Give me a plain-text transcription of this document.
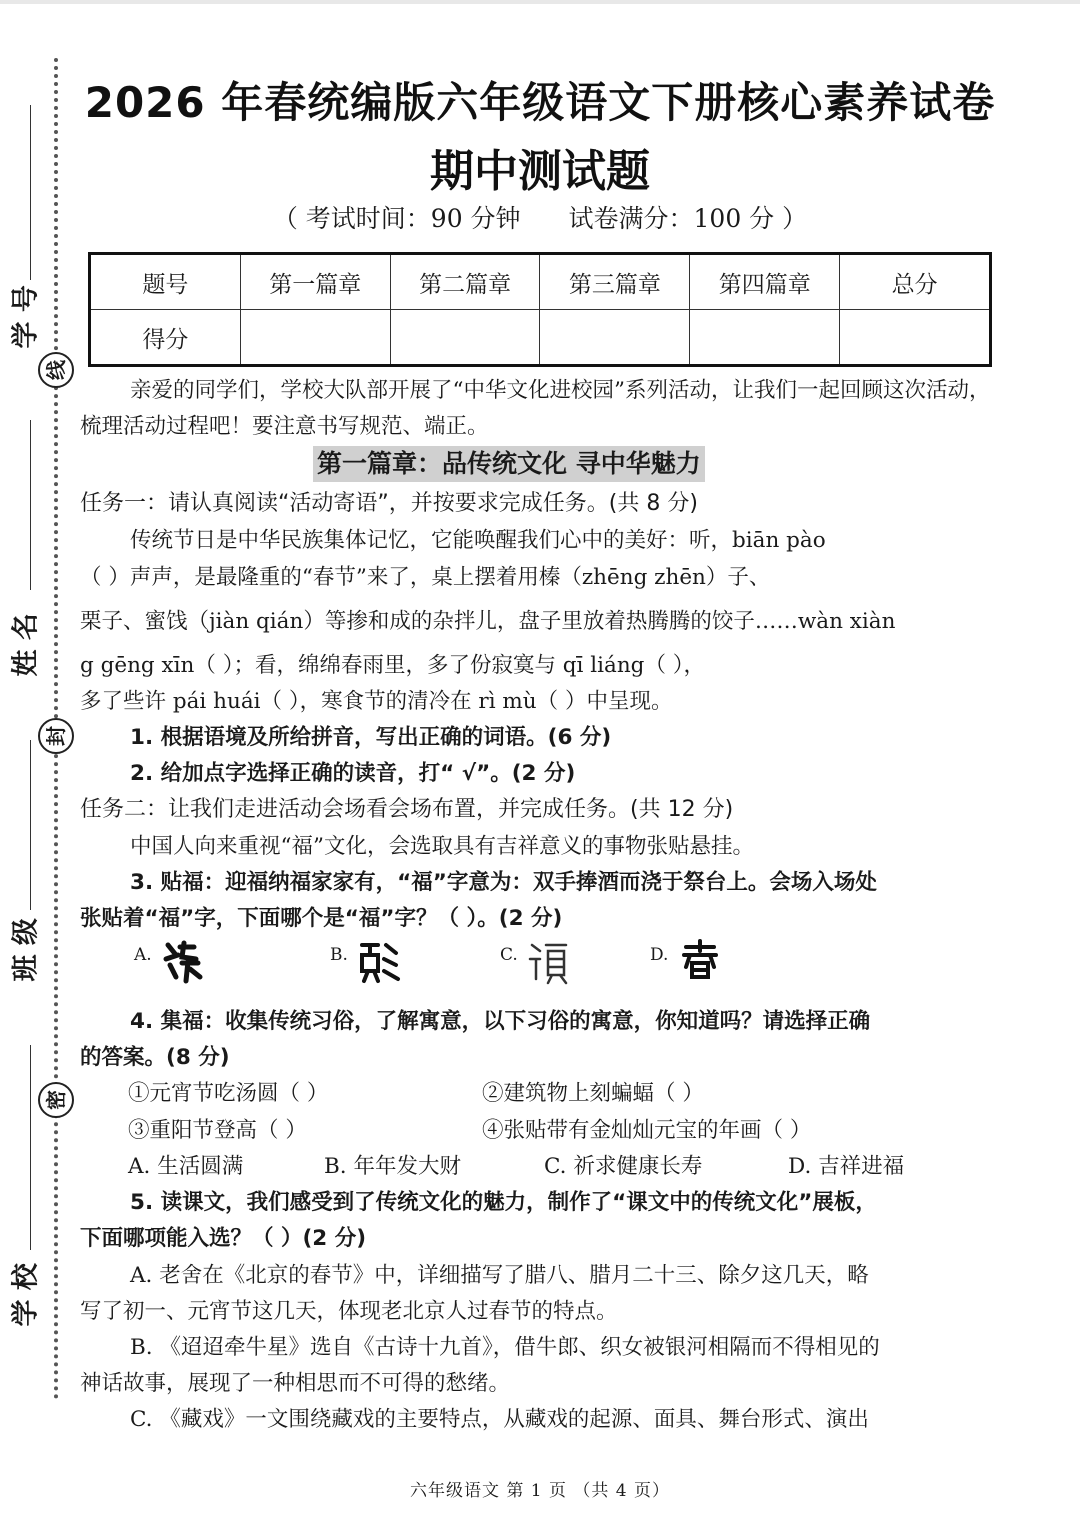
学 号
线
姓 名
封
班 级
密
学 校
2026 年春统编版六年级语文下册核心素养试卷
期中测试题
（ 考试时间：90 分钟 试卷满分：100 分 ）
题号	第一篇章	第二篇章	第三篇章	第四篇章	总分
得分					
亲爱的同学们，学校大队部开展了“中华文化进校园”系列活动，让我们一起回顾这次活动，梳理活动过程吧！要注意书写规范、端正。
第一篇章：品传统文化 寻中华魅力
任务一：请认真阅读“活动寄语”，并按要求完成任务。(共 8 分)
传统节日是中华民族集体记忆，它能唤醒我们心中的美好：听，biān pào
（ ）声声，是最隆重的“春节”来了，桌上摆着用榛（zhēng zhēn）子、
栗子、蜜饯（jiàn qián）等掺和成的杂拌儿，盘子里放着热腾腾的饺子……wàn xiàn
g gēng xīn（ ）；看，绵绵春雨里，多了份寂寞与 qī liáng（ ），
多了些许 pái huái（ ），寒食节的清冷在 rì mù（ ）中呈现。
1. 根据语境及所给拼音，写出正确的词语。(6 分)
2. 给加点字选择正确的读音，打“ √”。(2 分)
任务二：让我们走进活动会场看会场布置，并完成任务。(共 12 分)
中国人向来重视“福”文化，会选取具有吉祥意义的事物张贴悬挂。
3. 贴福：迎福纳福家家有，“福”字意为：双手捧酒而浇于祭台上。会场入场处
张贴着“福”字，下面哪个是“福”字？（ ）。(2 分)
A.	B.	C.	D.
4. 集福：收集传统习俗，了解寓意，以下习俗的寓意，你知道吗？请选择正确
的答案。(8 分)
①元宵节吃汤圆（ ）	②建筑物上刻蝙蝠（ ）
③重阳节登高（ ）	④张贴带有金灿灿元宝的年画（ ）
A. 生活圆满	B. 年年发大财	C. 祈求健康长寿	D. 吉祥进福
5. 读课文，我们感受到了传统文化的魅力，制作了“课文中的传统文化”展板，
下面哪项能入选？（ ）(2 分)
A. 老舍在《北京的春节》中，详细描写了腊八、腊月二十三、除夕这几天，略
写了初一、元宵节这几天，体现老北京人过春节的特点。
B. 《迢迢牵牛星》选自《古诗十九首》，借牛郎、织女被银河相隔而不得相见的
神话故事，展现了一种相思而不可得的愁绪。
C. 《藏戏》一文围绕藏戏的主要特点，从藏戏的起源、面具、舞台形式、演出
六年级语文 第 1 页 （共 4 页）
